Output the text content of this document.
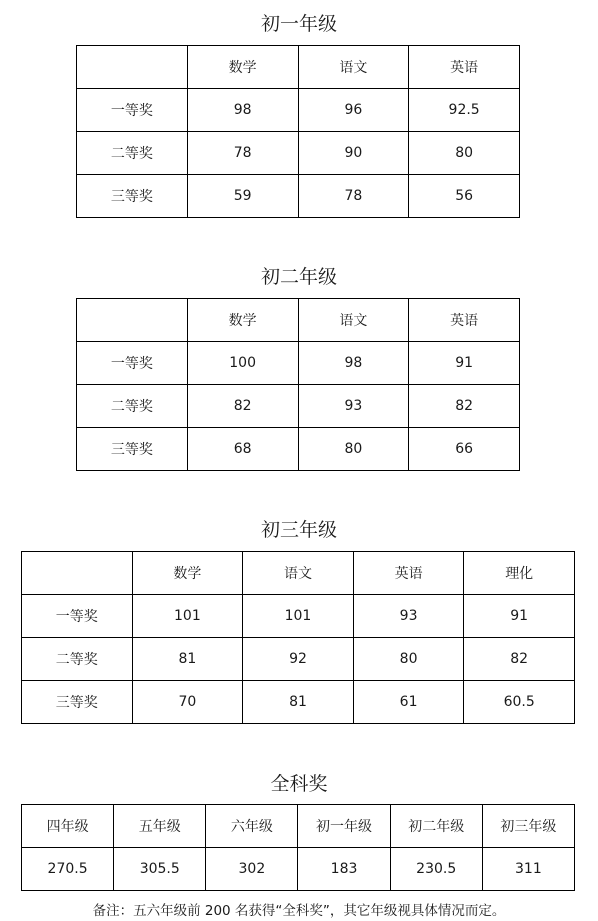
初一年级
	数学	语文	英语
一等奖	98	96	92.5
二等奖	78	90	80
三等奖	59	78	56
初二年级
	数学	语文	英语
一等奖	100	98	91
二等奖	82	93	82
三等奖	68	80	66
初三年级
	数学	语文	英语	理化
一等奖	101	101	93	91
二等奖	81	92	80	82
三等奖	70	81	61	60.5
全科奖
四年级	五年级	六年级	初一年级	初二年级	初三年级
270.5	305.5	302	183	230.5	311
备注：五六年级前 200 名获得“全科奖”，其它年级视具体情况而定。
